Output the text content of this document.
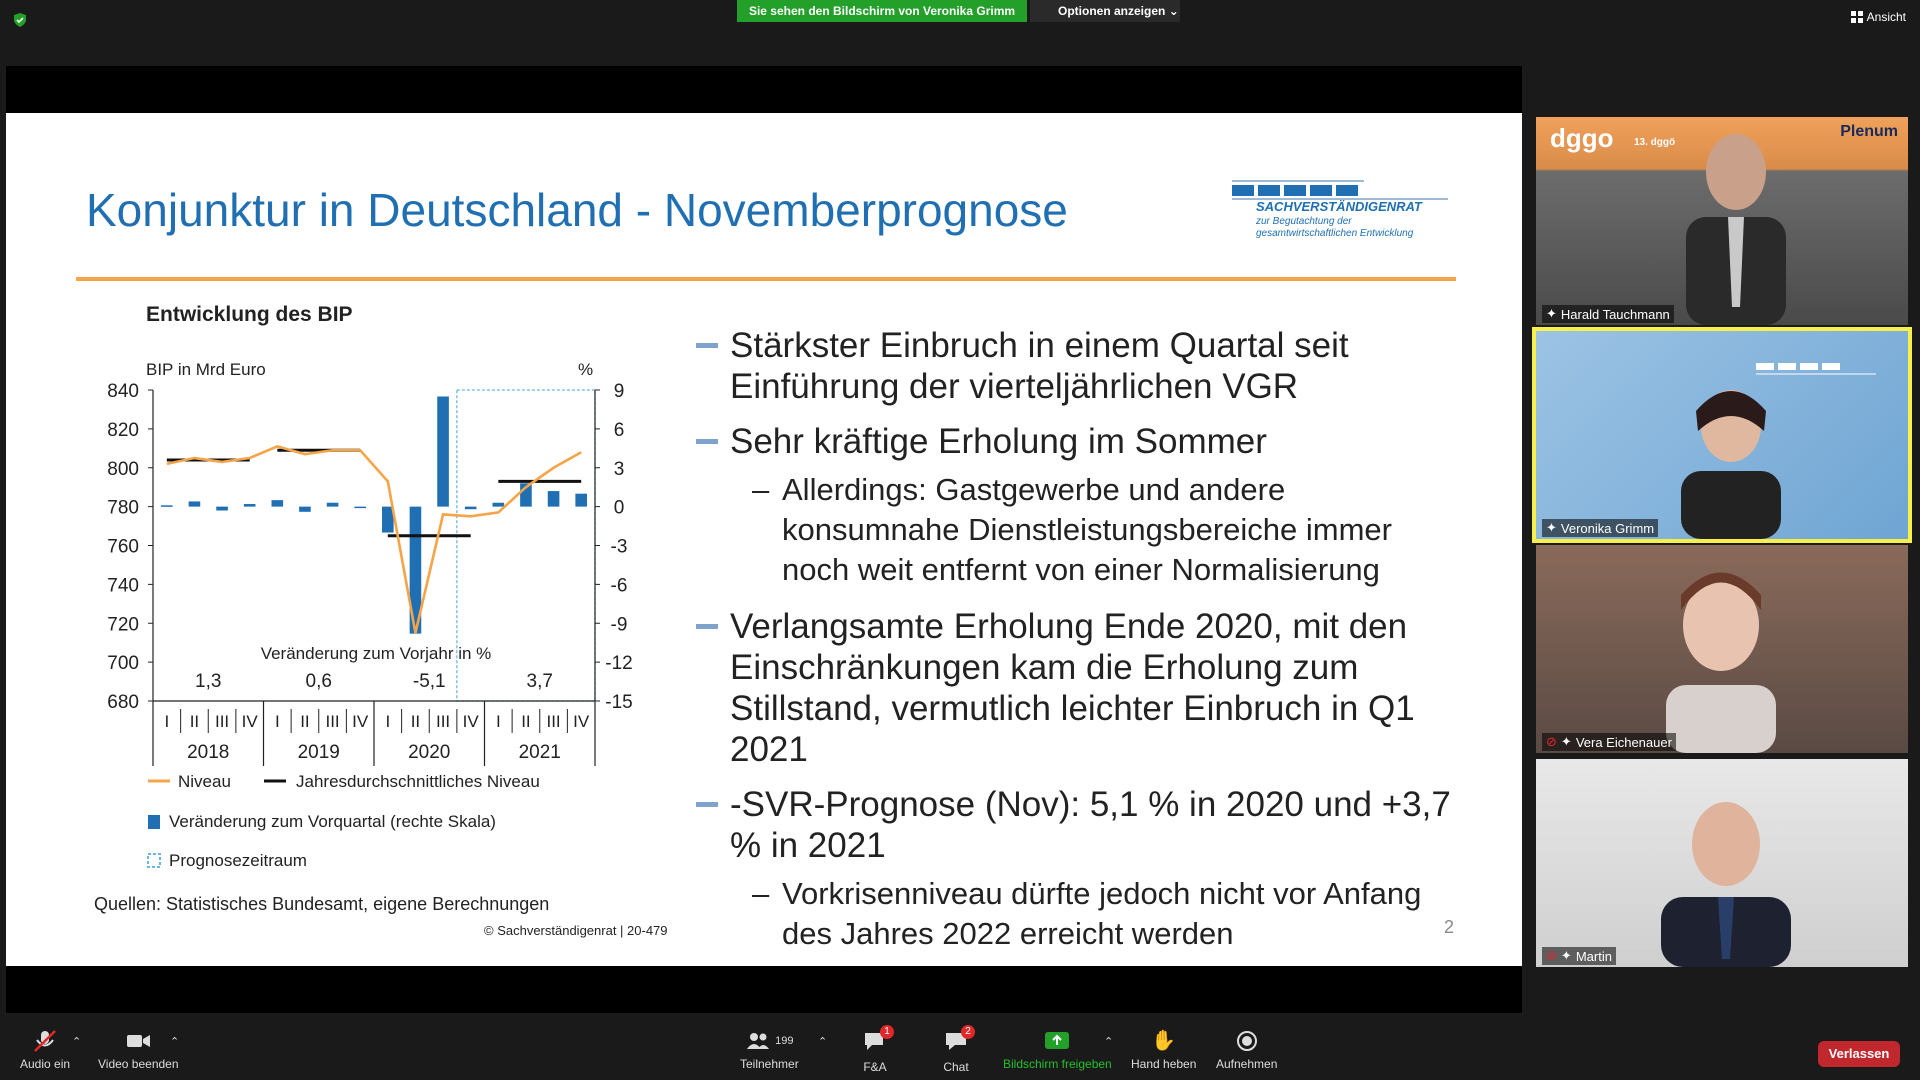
Sie sehen den Bildschirm von Veronika Grimm	Optionen anzeigen ⌄	Ansicht
Konjunktur in Deutschland - Novemberprognose	SACHVERSTÄNDIGENRAT
zur Begutachtung der
gesamtwirtschaftlichen Entwicklung
Entwicklung des BIP
BIP in Mrd Euro	%
840
820
800
780
760
740
720
700
680
9
6
3
0
-3
-6
-9
-12
-15
Veränderung zum Vorjahr in %
1,3	0,6	-5,1	3,7
I II III IV I II III IV I II III IV I II III IV
2018	2019	2020	2021
Niveau	Jahresdurchschnittliches Niveau
Veränderung zum Vorquartal (rechte Skala)
Prognosezeitraum
Quellen: Statistisches Bundesamt, eigene Berechnungen
© Sachverständigenrat | 20-479
Stärkster Einbruch in einem Quartal seit Einführung der vierteljährlichen VGR
Sehr kräftige Erholung im Sommer
– Allerdings: Gastgewerbe und andere konsumnahe Dienstleistungsbereiche immer noch weit entfernt von einer Normalisierung
Verlangsamte Erholung Ende 2020, mit den Einschränkungen kam die Erholung zum Stillstand, vermutlich leichter Einbruch in Q1 2021
-SVR-Prognose (Nov): 5,1 % in 2020 und +3,7 % in 2021
– Vorkrisenniveau dürfte jedoch nicht vor Anfang des Jahres 2022 erreicht werden	2
dggo 13. dggö
Plenum
✦ Harald Tauchmann
✦ Veronika Grimm
⊘ ✦ Vera Eichenauer
⊘ ✦ Martin
Audio ein
⌃
Video beenden
⌃	199
Teilnehmer
⌃
1
F&A
2
Chat	Bildschirm freigeben
⌃ ✋
Hand heben Aufnehmen
Verlassen
